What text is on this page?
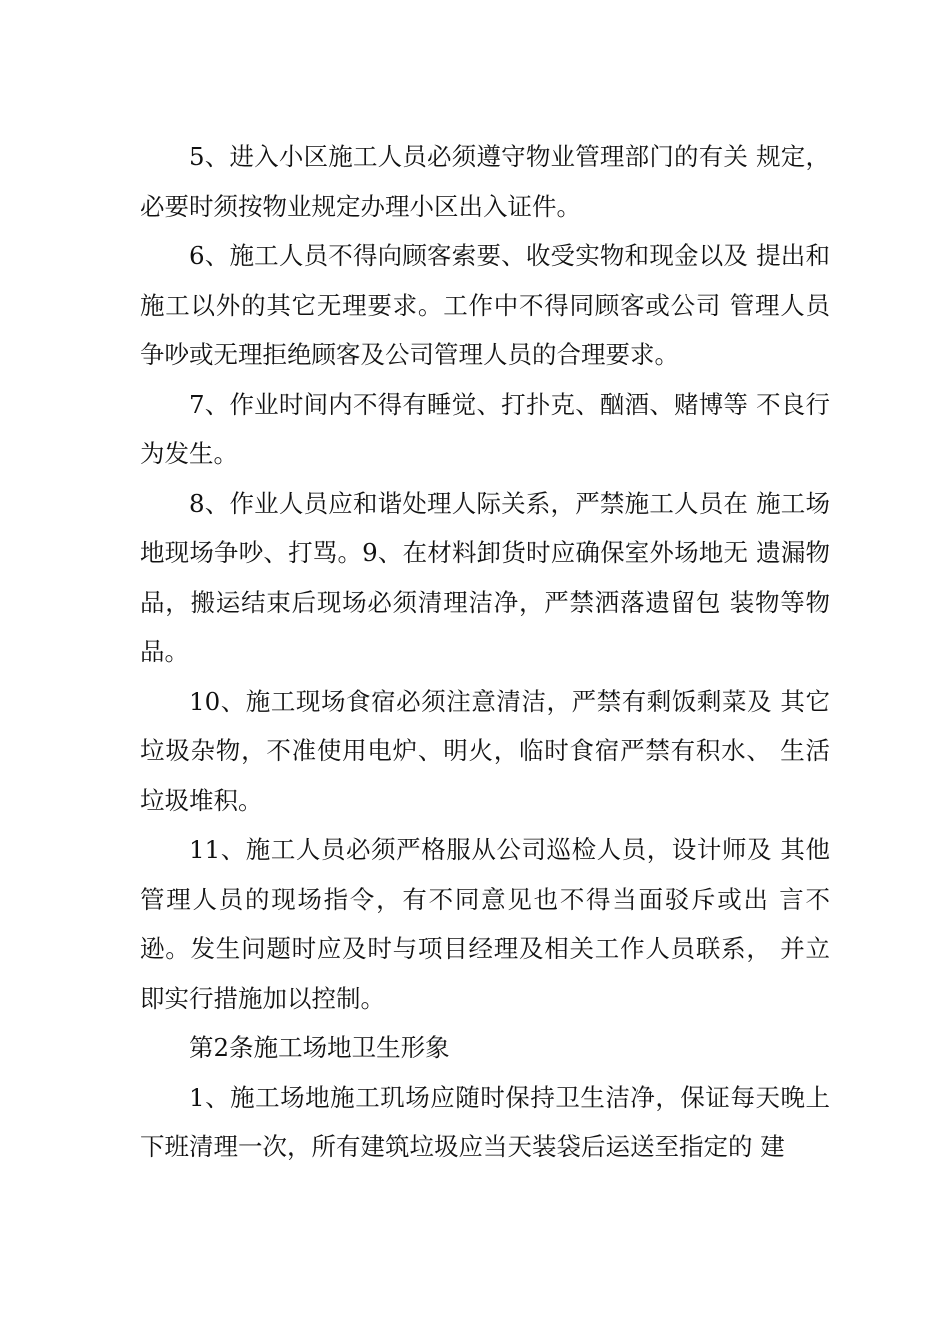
5、进入小区施工人员必须遵守物业管理部门的有关 规定，必要时须按物业规定办理小区出入证件。

6、施工人员不得向顾客索要、收受实物和现金以及 提出和施工以外的其它无理要求。工作中不得同顾客或公司 管理人员争吵或无理拒绝顾客及公司管理人员的合理要求。

7、作业时间内不得有睡觉、打扑克、酗酒、赌博等 不良行为发生。

8、作业人员应和谐处理人际关系，严禁施工人员在 施工场地现场争吵、打骂。9、在材料卸货时应确保室外场地无 遗漏物品，搬运结束后现场必须清理洁净，严禁洒落遗留包 装物等物品。

10、施工现场食宿必须注意清洁，严禁有剩饭剩菜及 其它垃圾杂物，不准使用电炉、明火，临时食宿严禁有积水、 生活垃圾堆积。

11、施工人员必须严格服从公司巡检人员，设计师及 其他管理人员的现场指令，有不同意见也不得当面驳斥或出 言不逊。发生问题时应及时与项目经理及相关工作人员联系， 并立即实行措施加以控制。

第2条施工场地卫生形象

1、施工场地施工玑场应随时保持卫生洁净，保证每天晚上下班清理一次，所有建筑垃圾应当天装袋后运送至指定的 建
